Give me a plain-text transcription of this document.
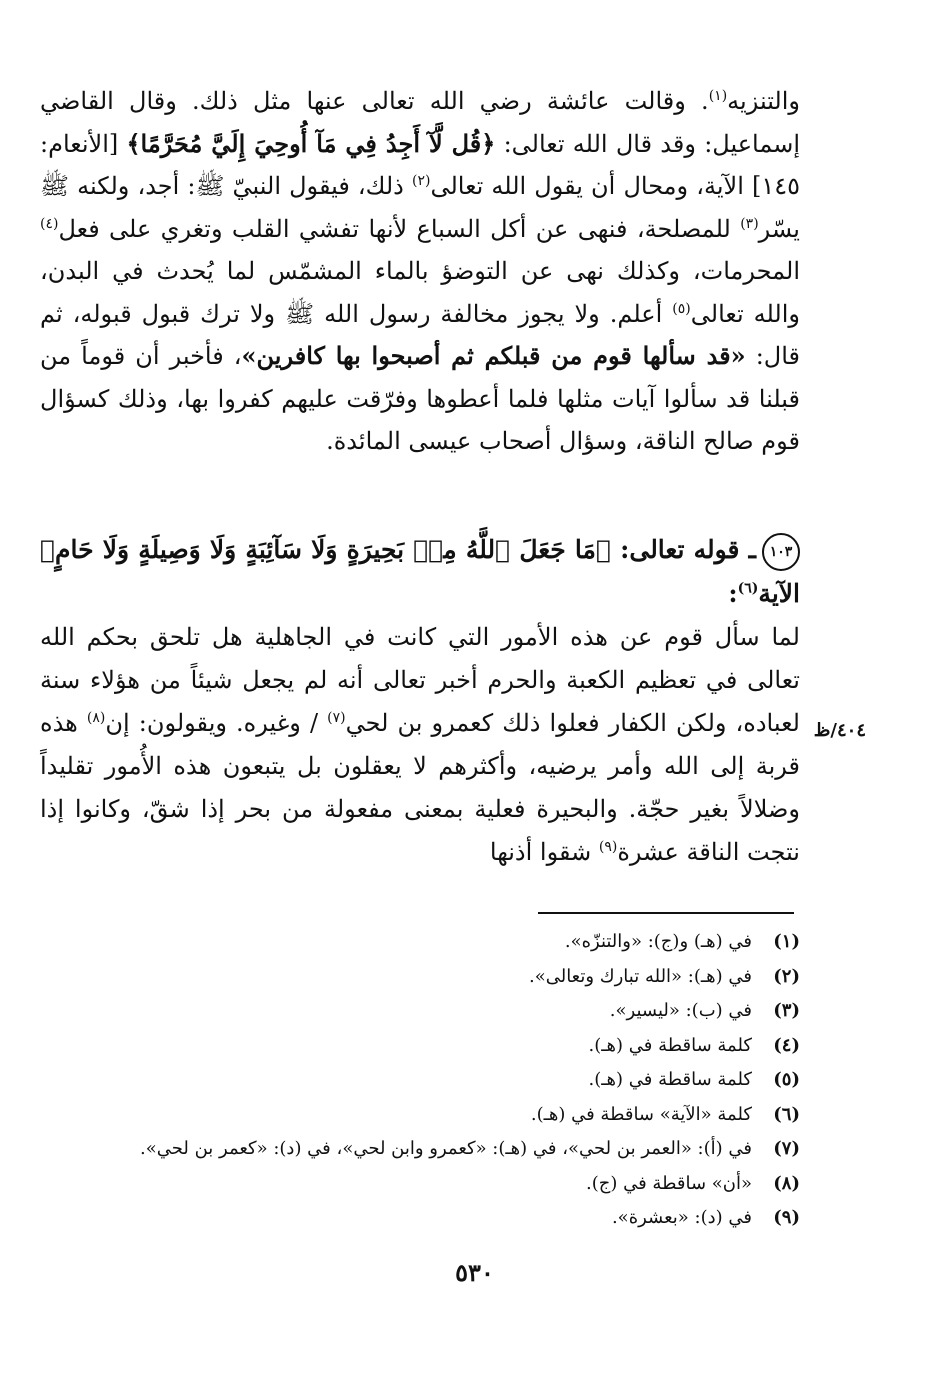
والتنزيه$^{(١)}$. وقالت عائشة رضي الله تعالى عنها مثل ذلك. وقال القاضي إسماعيل: وقد قال الله تعالى: ﴿قُل لَّآ أَجِدُ فِي مَآ أُوحِيَ إِلَيَّ مُحَرَّمًا﴾ [الأنعام: ١٤٥] الآية، ومحال أن يقول الله تعالى$^{(٢)}$ ذلك، فيقول النبيّ ﷺ: أجد، ولكنه ﷺ يسّر$^{(٣)}$ للمصلحة، فنهى عن أكل السباع لأنها تفشي القلب وتغري على فعل$^{(٤)}$ المحرمات، وكذلك نهى عن التوضؤ بالماء المشمّس لما يُحدث في البدن، والله تعالى$^{(٥)}$ أعلم. ولا يجوز مخالفة رسول الله ﷺ ولا ترك قبول قبوله، ثم قال: «قد سألها قوم من قبلكم ثم أصبحوا بها كافرين»، فأخبر أن قوماً من قبلنا قد سألوا آيات مثلها فلما أعطوها وفرّقت عليهم كفروا بها، وذلك كسؤال قوم صالح الناقة، وسؤال أصحاب عيسى المائدة.

١٠٣ـ قوله تعالى: ﴿مَا جَعَلَ ٱللَّهُ مِنۢ بَحِيرَةٍ وَلَا سَآئِبَةٍ وَلَا وَصِيلَةٍ وَلَا حَامٍ﴾ الآية$^{(٦)}$:

لما سأل قوم عن هذه الأمور التي كانت في الجاهلية هل تلحق بحكم الله تعالى في تعظيم الكعبة والحرم أخبر تعالى أنه لم يجعل شيئاً من هؤلاء سنة لعباده، ولكن الكفار فعلوا ذلك كعمرو بن لحي$^{(٧)}$ / وغيره. ويقولون: إن$^{(٨)}$ هذه قربة إلى الله وأمر يرضيه، وأكثرهم لا يعقلون بل يتبعون هذه الأُمور تقليداً وضلالاً بغير حجّة. والبحيرة فعلية بمعنى مفعولة من بحر إذا شقّ، وكانوا إذا نتجت الناقة عشرة$^{(٩)}$ شقوا أذنها

٤٠٤/ظ
(١)في (هـ) و(ج): «والتنزّه».
(٢)في (هـ): «الله تبارك وتعالى».
(٣)في (ب): «ليسير».
(٤)كلمة ساقطة في (هـ).
(٥)كلمة ساقطة في (هـ).
(٦)كلمة «الآية» ساقطة في (هـ).
(٧)في (أ): «العمر بن لحي»، في (هـ): «كعمرو وابن لحي»، في (د): «كعمر بن لحي».
(٨)«أن» ساقطة في (ج).
(٩)في (د): «بعشرة».
٥٣٠
